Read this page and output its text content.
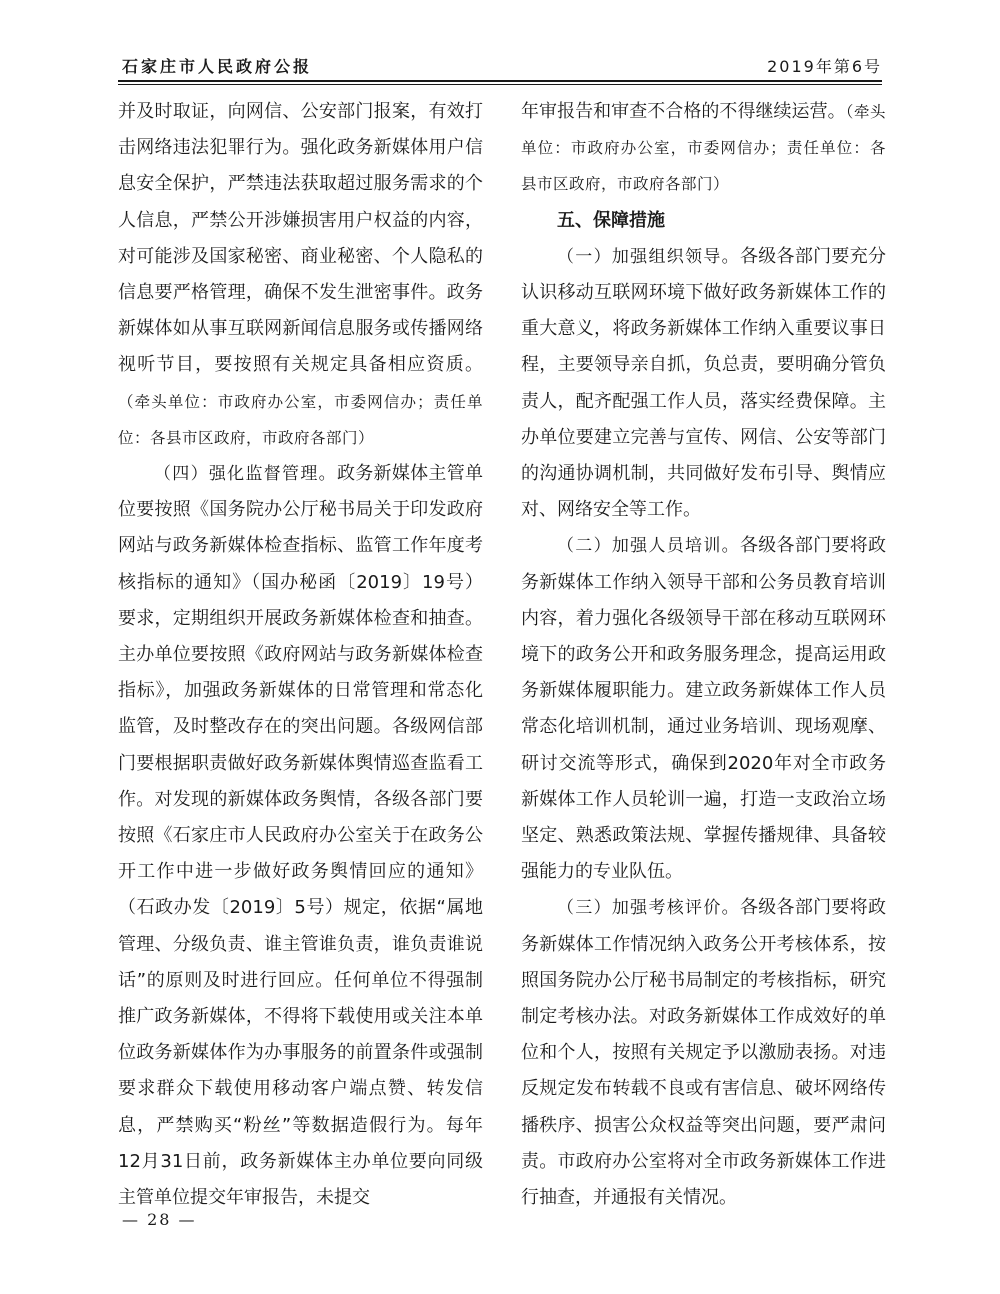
石家庄市人民政府公报	2019年第6号

并及时取证，向网信、公安部门报案，有效打击网络违法犯罪行为。强化政务新媒体用户信息安全保护，严禁违法获取超过服务需求的个人信息，严禁公开涉嫌损害用户权益的内容，对可能涉及国家秘密、商业秘密、个人隐私的信息要严格管理，确保不发生泄密事件。政务新媒体如从事互联网新闻信息服务或传播网络视听节目，要按照有关规定具备相应资质。（牵头单位：市政府办公室，市委网信办；责任单位：各县市区政府，市政府各部门）

（四）强化监督管理。政务新媒体主管单位要按照《国务院办公厅秘书局关于印发政府网站与政务新媒体检查指标、监管工作年度考核指标的通知》（国办秘函〔2019〕19号）要求，定期组织开展政务新媒体检查和抽查。主办单位要按照《政府网站与政务新媒体检查指标》，加强政务新媒体的日常管理和常态化监管，及时整改存在的突出问题。各级网信部门要根据职责做好政务新媒体舆情巡查监看工作。对发现的新媒体政务舆情，各级各部门要按照《石家庄市人民政府办公室关于在政务公开工作中进一步做好政务舆情回应的通知》（石政办发〔2019〕5号）规定，依据“属地管理、分级负责、谁主管谁负责，谁负责谁说话”的原则及时进行回应。任何单位不得强制推广政务新媒体，不得将下载使用或关注本单位政务新媒体作为办事服务的前置条件或强制要求群众下载使用移动客户端点赞、转发信息，严禁购买“粉丝”等数据造假行为。每年12月31日前，政务新媒体主办单位要向同级主管单位提交年审报告，未提交

年审报告和审查不合格的不得继续运营。（牵头单位：市政府办公室，市委网信办；责任单位：各县市区政府，市政府各部门）

五、保障措施

（一）加强组织领导。各级各部门要充分认识移动互联网环境下做好政务新媒体工作的重大意义，将政务新媒体工作纳入重要议事日程，主要领导亲自抓，负总责，要明确分管负责人，配齐配强工作人员，落实经费保障。主办单位要建立完善与宣传、网信、公安等部门的沟通协调机制，共同做好发布引导、舆情应对、网络安全等工作。

（二）加强人员培训。各级各部门要将政务新媒体工作纳入领导干部和公务员教育培训内容，着力强化各级领导干部在移动互联网环境下的政务公开和政务服务理念，提高运用政务新媒体履职能力。建立政务新媒体工作人员常态化培训机制，通过业务培训、现场观摩、研讨交流等形式，确保到2020年对全市政务新媒体工作人员轮训一遍，打造一支政治立场坚定、熟悉政策法规、掌握传播规律、具备较强能力的专业队伍。

（三）加强考核评价。各级各部门要将政务新媒体工作情况纳入政务公开考核体系，按照国务院办公厅秘书局制定的考核指标，研究制定考核办法。对政务新媒体工作成效好的单位和个人，按照有关规定予以激励表扬。对违反规定发布转载不良或有害信息、破坏网络传播秩序、损害公众权益等突出问题，要严肃问责。市政府办公室将对全市政务新媒体工作进行抽查，并通报有关情况。

— 28 —
